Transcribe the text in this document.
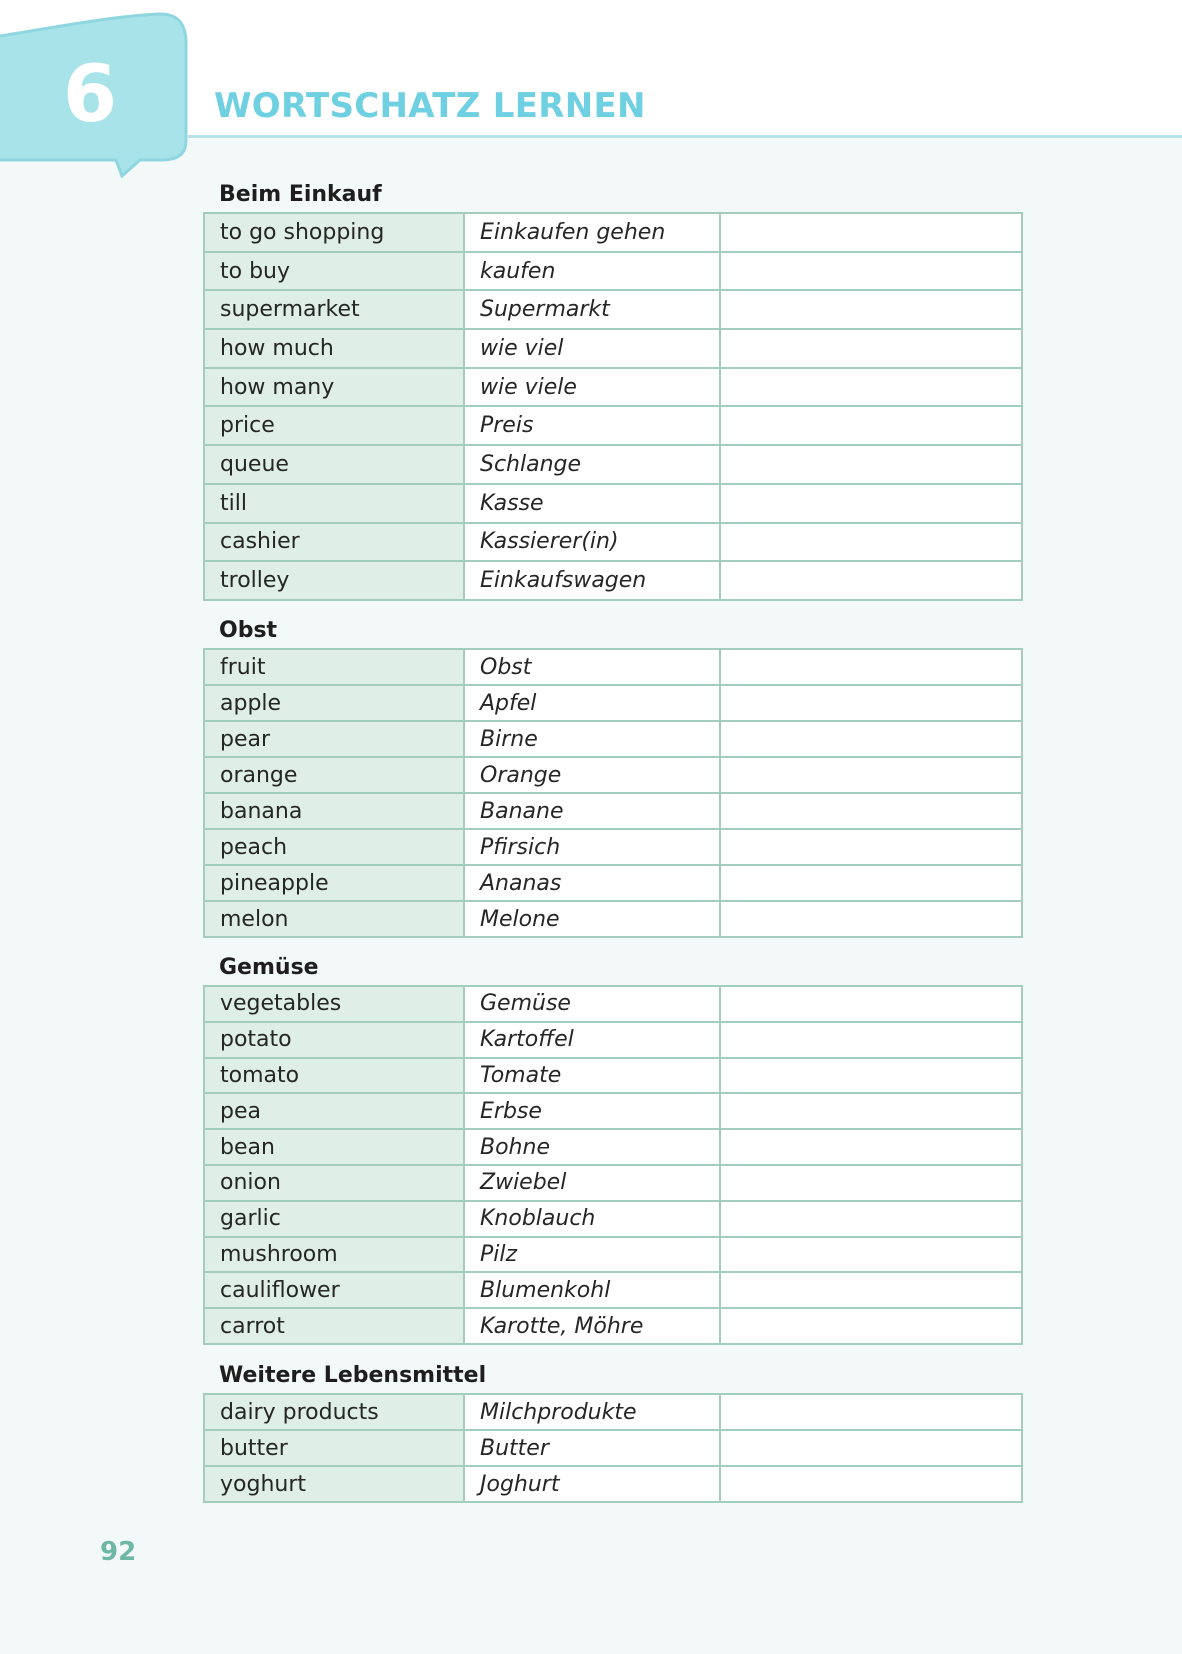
6	WORTSCHATZ LERNEN
Beim Einkauf
to go shopping	Einkaufen gehen
to buy	kaufen
supermarket	Supermarkt
how much	wie viel
how many	wie viele
price	Preis
queue	Schlange
till	Kasse
cashier	Kassierer(in)
trolley	Einkaufswagen
Obst
fruit	Obst
apple	Apfel
pear	Birne
orange	Orange
banana	Banane
peach	Pfirsich
pineapple	Ananas
melon	Melone
Gemüse
vegetables	Gemüse
potato	Kartoffel
tomato	Tomate
pea	Erbse
bean	Bohne
onion	Zwiebel
garlic	Knoblauch
mushroom	Pilz
cauliflower	Blumenkohl
carrot	Karotte, Möhre
Weitere Lebensmittel
dairy products	Milchprodukte
butter	Butter
yoghurt	Joghurt
92
